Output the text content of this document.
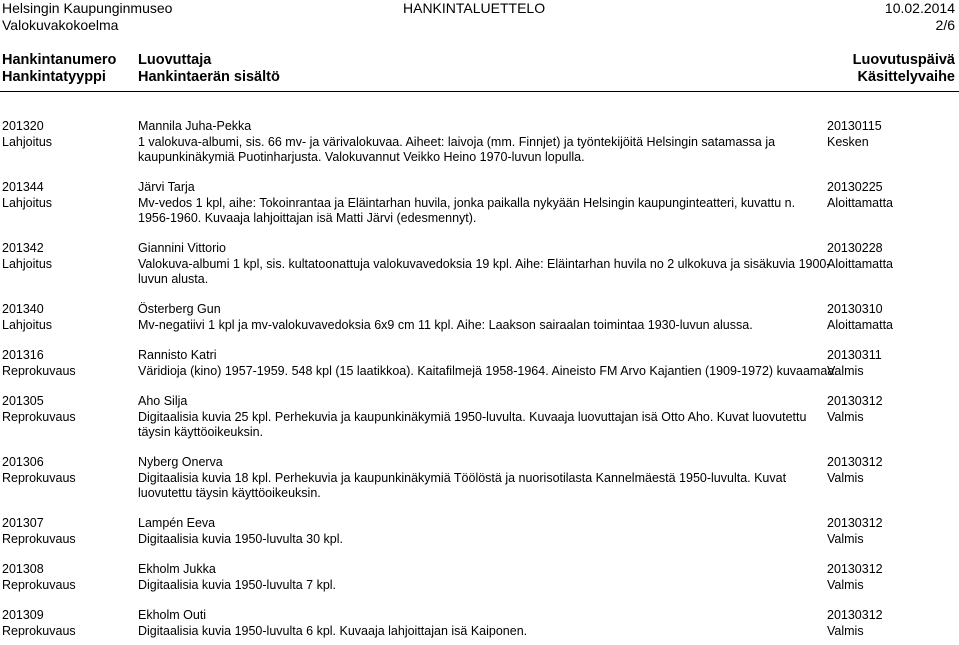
Helsingin Kaupunginmuseo
Valokuvakokoelma
HANKINTALUETTELO	10.02.2014
2/6
Hankintanumero
Hankintatyyppi
Luovuttaja
Hankintaerän sisältö
Luovutuspäivä
Käsittelyvaihe
201320
Lahjoitus
Mannila Juha-Pekka
1 valokuva-albumi, sis. 66 mv- ja värivalokuvaa. Aiheet: laivoja (mm. Finnjet) ja työntekijöitä Helsingin satamassa ja
kaupunkinäkymiä Puotinharjusta. Valokuvannut Veikko Heino 1970-luvun lopulla.
20130115
Kesken
201344
Lahjoitus
Järvi Tarja
Mv-vedos 1 kpl, aihe: Tokoinrantaa ja Eläintarhan huvila, jonka paikalla nykyään Helsingin kaupunginteatteri, kuvattu n.
1956-1960. Kuvaaja lahjoittajan isä Matti Järvi (edesmennyt).
20130225
Aloittamatta
201342
Lahjoitus
Giannini Vittorio
Valokuva-albumi 1 kpl, sis. kultatoonattuja valokuvavedoksia 19 kpl. Aihe: Eläintarhan huvila no 2 ulkokuva ja sisäkuvia 1900-
luvun alusta.
20130228
Aloittamatta
201340
Lahjoitus
Österberg Gun
Mv-negatiivi 1 kpl ja mv-valokuvavedoksia 6x9 cm 11 kpl. Aihe: Laakson sairaalan toimintaa 1930-luvun alussa.
20130310
Aloittamatta
201316
Reprokuvaus
Rannisto Katri
Väridioja (kino) 1957-1959. 548 kpl (15 laatikkoa). Kaitafilmejä 1958-1964. Aineisto FM Arvo Kajantien (1909-1972) kuvaamaa.
20130311
Valmis
201305
Reprokuvaus
Aho Silja
Digitaalisia kuvia 25 kpl. Perhekuvia ja kaupunkinäkymiä 1950-luvulta. Kuvaaja luovuttajan isä Otto Aho. Kuvat luovutettu
täysin käyttöoikeuksin.
20130312
Valmis
201306
Reprokuvaus
Nyberg Onerva
Digitaalisia kuvia 18 kpl. Perhekuvia ja kaupunkinäkymiä Töölöstä ja nuorisotilasta Kannelmäestä 1950-luvulta. Kuvat
luovutettu täysin käyttöoikeuksin.
20130312
Valmis
201307
Reprokuvaus
Lampén Eeva
Digitaalisia kuvia 1950-luvulta 30 kpl.
20130312
Valmis
201308
Reprokuvaus
Ekholm Jukka
Digitaalisia kuvia 1950-luvulta 7 kpl.
20130312
Valmis
201309
Reprokuvaus
Ekholm Outi
Digitaalisia kuvia 1950-luvulta 6 kpl. Kuvaaja lahjoittajan isä Kaiponen.
20130312
Valmis
